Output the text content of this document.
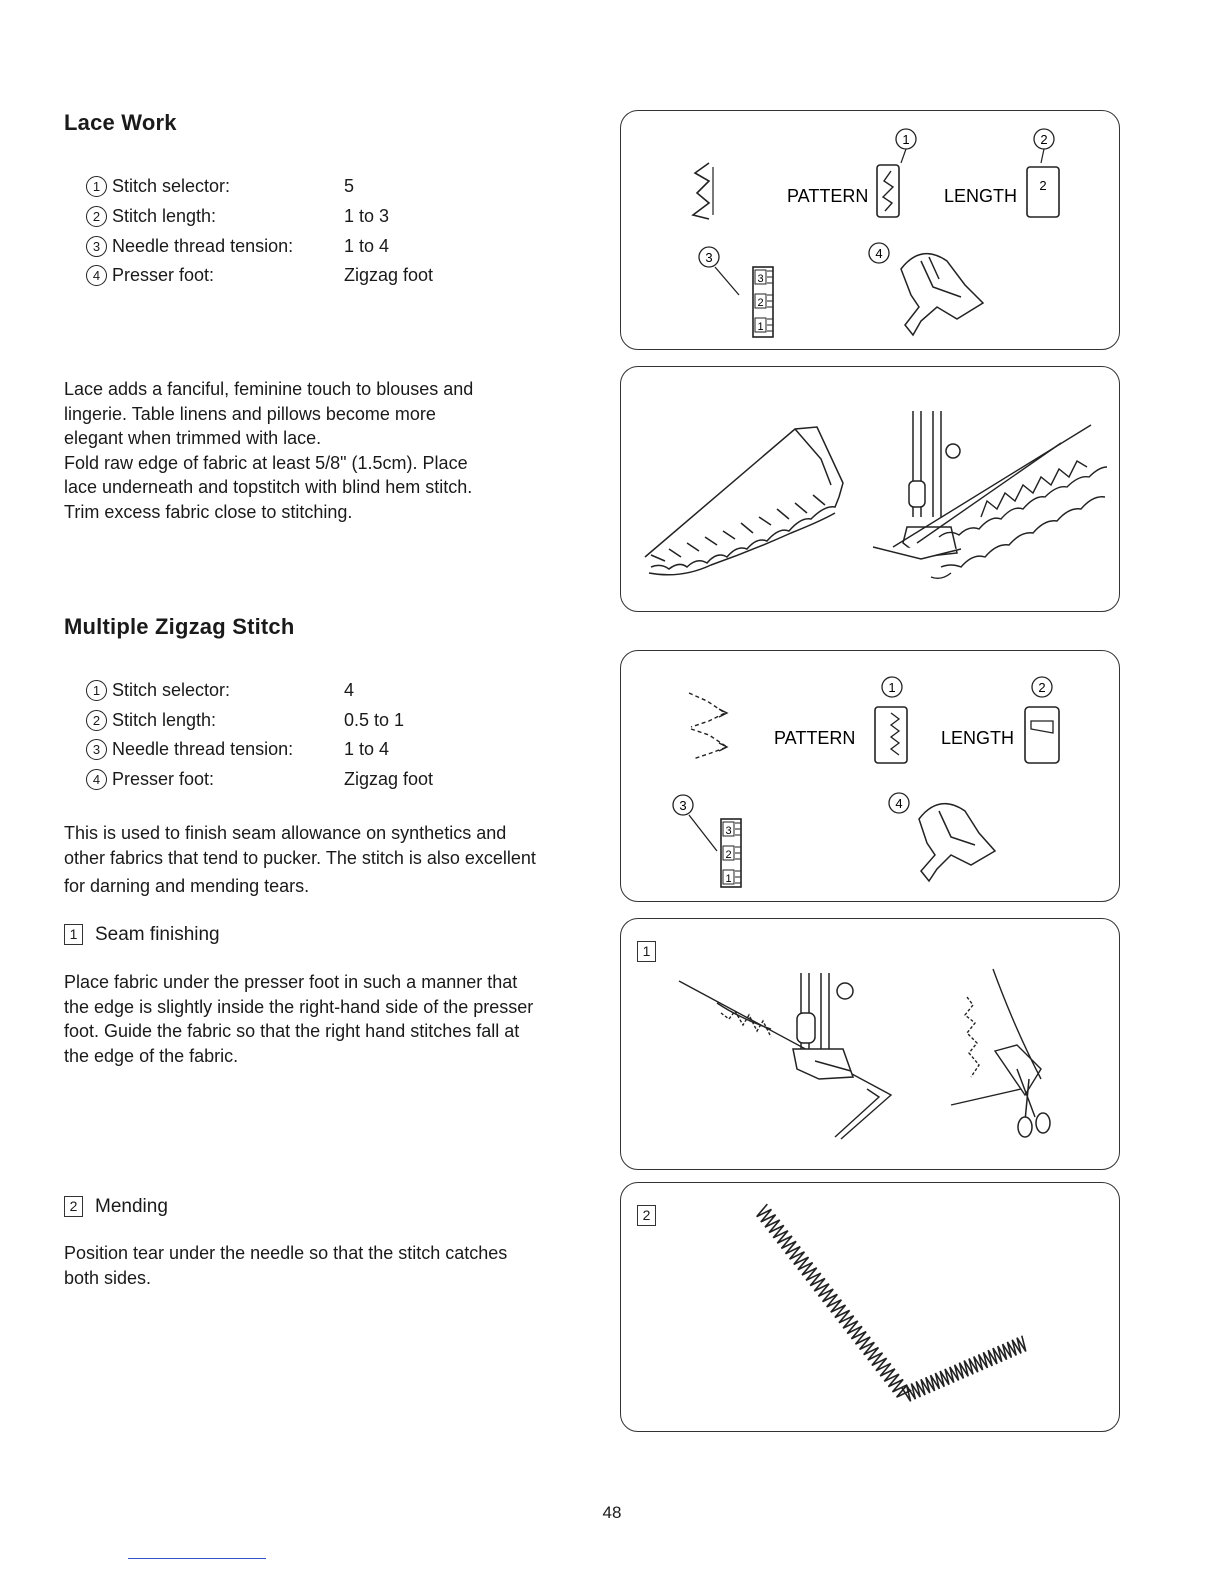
Lace Work
1 Stitch selector:	5
2 Stitch length:	1 to 3
3 Needle thread tension:	1 to 4
4 Presser foot:	Zigzag foot

Lace adds a fanciful, feminine touch to blouses and

lingerie. Table linens and pillows become more

elegant when trimmed with lace.

Fold raw edge of fabric at least 5/8" (1.5cm). Place

lace underneath and topstitch with blind hem stitch.

Trim excess fabric close to stitching.

1	2
PATTERN	LENGTH
2
3
3
2
1
4
Multiple Zigzag Stitch
1 Stitch selector:	4
2 Stitch length:	0.5 to 1
3 Needle thread tension:	1 to 4
4 Presser foot:	Zigzag foot

This is used to finish seam allowance on synthetics and

other fabrics that tend to pucker. The stitch is also excellent

for darning and mending tears.

1 Seam finishing

Place fabric under the presser foot in such a manner that

the edge is slightly inside the right-hand side of the presser

foot. Guide the fabric so that the right hand stitches fall at

the edge of the fabric.

2 Mending

Position tear under the needle so that the stitch catches

both sides.

1	2
PATTERN	LENGTH
3
3
2
1
4
1
2
48
